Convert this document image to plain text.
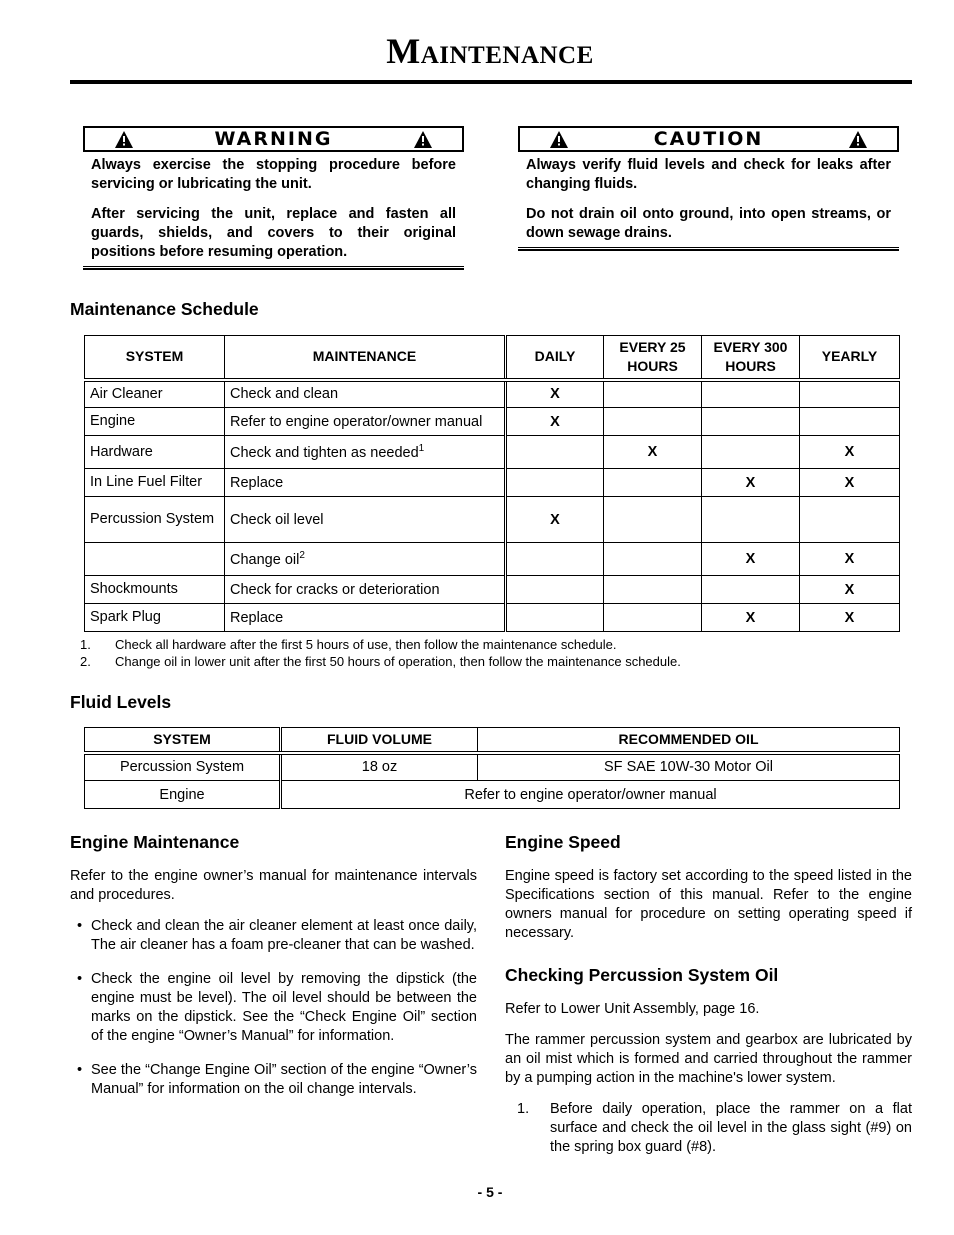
Maintenance
WARNING

Always exercise the stopping procedure before servicing or lubricating the unit.

After servicing the unit, replace and fasten all guards, shields, and covers to their original positions before resuming operation.

CAUTION

Always verify fluid levels and check for leaks after changing fluids.

Do not drain oil onto ground, into open streams, or down sewage drains.

Maintenance Schedule
SYSTEM	MAINTENANCE	DAILY	EVERY 25 HOURS	EVERY 300 HOURS	YEARLY
Air Cleaner	Check and clean	X			
Engine	Refer to engine operator/owner manual	X			
Hardware	Check and tighten as needed$^1$		X		X
In Line Fuel Filter	Replace			X	X
Percussion System	Check oil level	X			
	Change oil$^2$			X	X
Shockmounts	Check for cracks or deterioration				X
Spark Plug	Replace			X	X
1. Check all hardware after the first 5 hours of use, then follow the maintenance schedule.
2. Change oil in lower unit after the first 50 hours of operation, then follow the maintenance schedule.
Fluid Levels
SYSTEM	FLUID VOLUME	RECOMMENDED OIL
Percussion System	18 oz	SF SAE 10W-30 Motor Oil
Engine	Refer to engine operator/owner manual	
Engine Maintenance

Refer to the engine owner’s manual for maintenance intervals and procedures.

• Check and clean the air cleaner element at least once daily, The air cleaner has a foam pre-cleaner that can be washed.

• Check the engine oil level by removing the dipstick (the engine must be level). The oil level should be between the marks on the dipstick. See the “Check Engine Oil” section of the engine “Owner’s Manual” for information.

• See the “Change Engine Oil” section of the engine “Owner’s Manual” for information on the oil change intervals.

Engine Speed

Engine speed is factory set according to the speed listed in the Specifications section of this manual. Refer to the engine owners manual for procedure on setting operating speed if necessary.

Checking Percussion System Oil

Refer to Lower Unit Assembly, page 16.

The rammer percussion system and gearbox are lubricated by an oil mist which is formed and carried throughout the rammer by a pumping action in the machine's lower system.

1. Before daily operation, place the rammer on a flat surface and check the oil level in the glass sight (#9) on the spring box guard (#8).

- 5 -
